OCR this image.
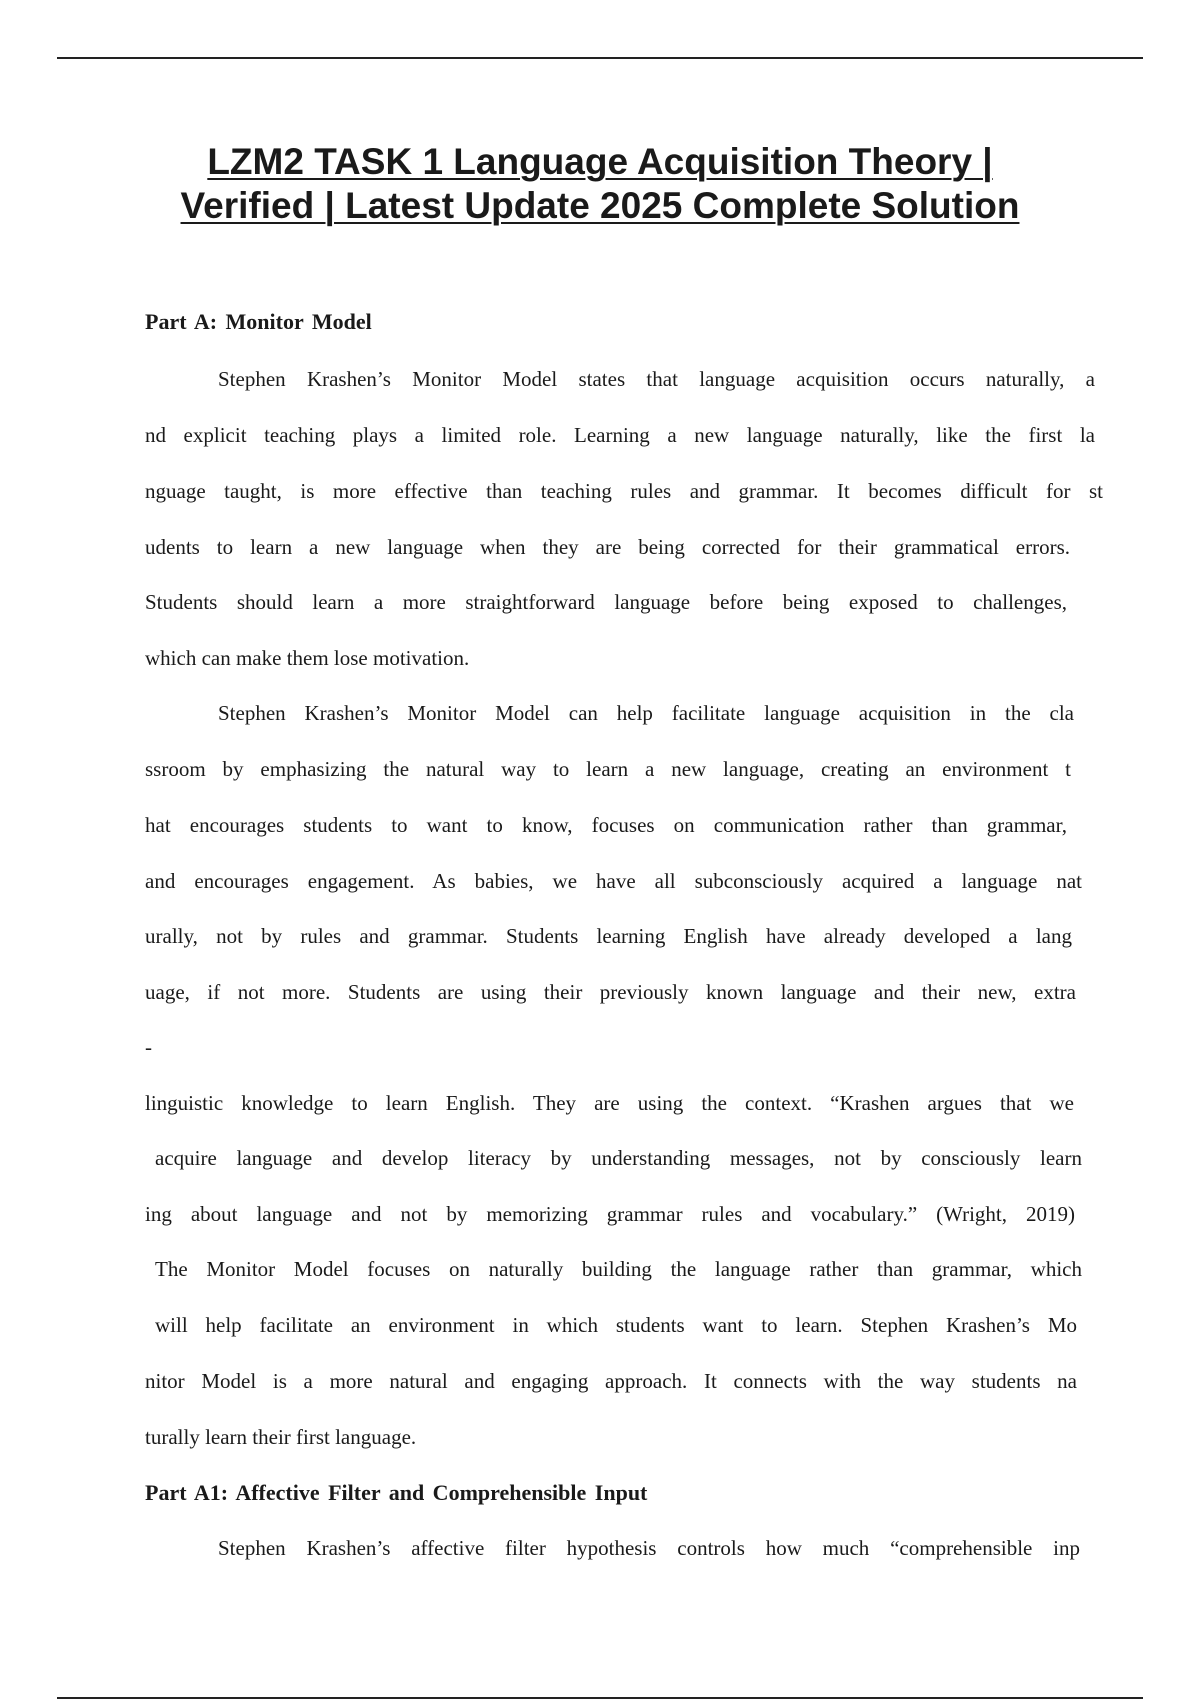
LZM2 TASK 1 Language Acquisition Theory |
Verified | Latest Update 2025 Complete Solution
Part A: Monitor Model

Stephen Krashen’s Monitor Model states that language acquisition occurs naturally, a

nd explicit teaching plays a limited role. Learning a new language naturally, like the first la

nguage taught, is more effective than teaching rules and grammar. It becomes difficult for st

udents to learn a new language when they are being corrected for their grammatical errors.

Students should learn a more straightforward language before being exposed to challenges,

which can make them lose motivation.

Stephen Krashen’s Monitor Model can help facilitate language acquisition in the cla

ssroom by emphasizing the natural way to learn a new language, creating an environment t

hat encourages students to want to know, focuses on communication rather than grammar,

and encourages engagement. As babies, we have all subconsciously acquired a language nat

urally, not by rules and grammar. Students learning English have already developed a lang

uage, if not more. Students are using their previously known language and their new, extra

-

linguistic knowledge to learn English. They are using the context. “Krashen argues that we

acquire language and develop literacy by understanding messages, not by consciously learn

ing about language and not by memorizing grammar rules and vocabulary.” (Wright, 2019)

The Monitor Model focuses on naturally building the language rather than grammar, which

will help facilitate an environment in which students want to learn. Stephen Krashen’s Mo

nitor Model is a more natural and engaging approach. It connects with the way students na

turally learn their first language.

Part A1: Affective Filter and Comprehensible Input

Stephen Krashen’s affective filter hypothesis controls how much “comprehensible inp
